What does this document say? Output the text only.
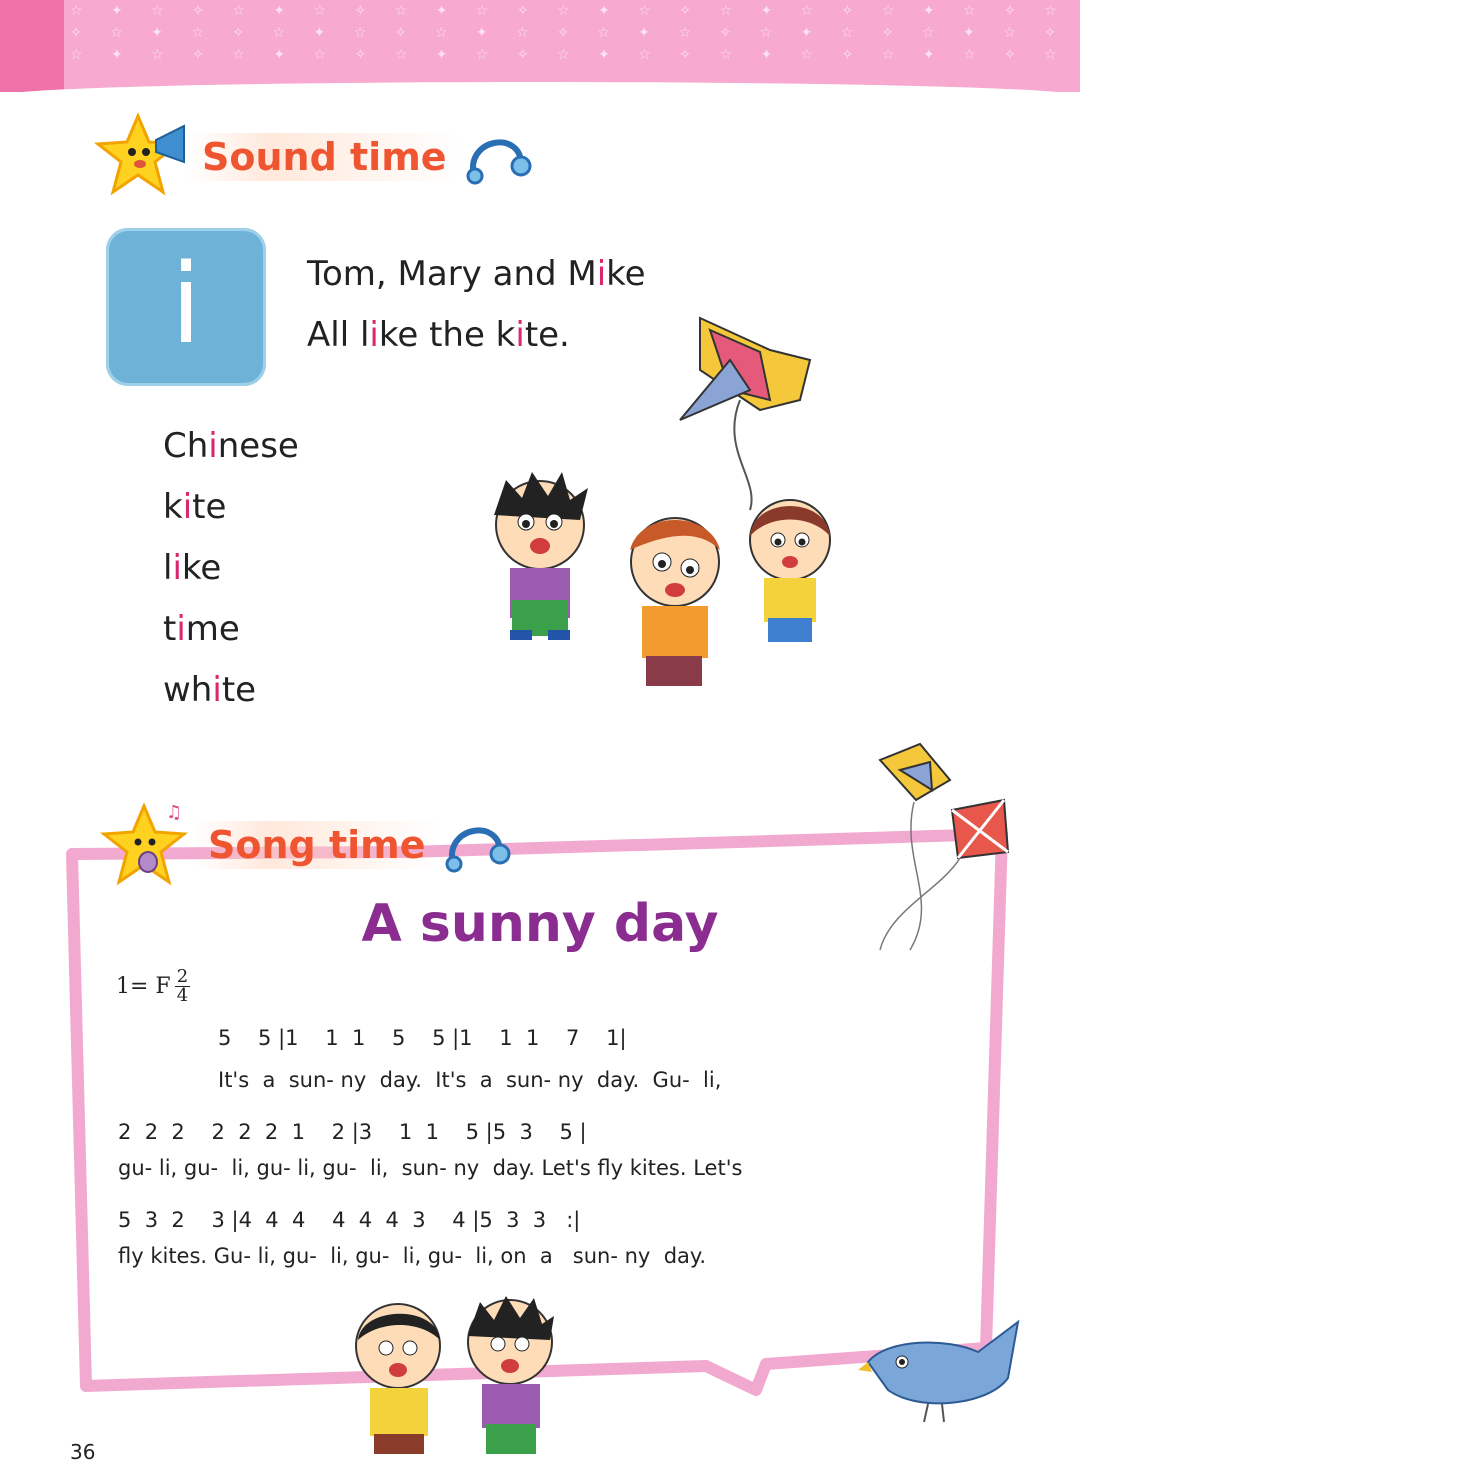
☆ ✦ ☆ ✧ ☆ ✦ ☆ ✧ ☆ ✦ ☆ ✧ ☆ ✦ ☆ ✧ ☆ ✦ ☆ ✧ ☆ ✦ ☆ ✧ ☆ ✦ ☆ ✧ ☆ ✦ ☆ ✧ ☆ ✦ ☆
✧ ☆ ✦ ☆ ✧ ☆ ✦ ☆ ✧ ☆ ✦ ☆ ✧ ☆ ✦ ☆ ✧ ☆ ✦ ☆ ✧ ☆ ✦ ☆ ✧ ☆ ✦ ☆ ✧ ☆ ✦ ☆ ✧ ☆ ✦
☆ ✦ ☆ ✧ ☆ ✦ ☆ ✧ ☆ ✦ ☆ ✧ ☆ ✦ ☆ ✧ ☆ ✦ ☆ ✧ ☆ ✦ ☆ ✧ ☆ ✦ ☆ ✧ ☆ ✦ ☆ ✧ ☆ ✦ ☆
Sound time
i	Tom, Mary and Mike
All like the kite.
Chinese
kite
like
time
white
♫
Song time
A sunny day
1= F $\frac{2}{4}$
5    5 |1    1  1    5    5 |1    1  1    7    1|
It's  a  sun- ny  day.  It's  a  sun- ny  day.  Gu-  li,
2  2  2    2  2  2  1    2 |3    1  1    5 |5  3    5 |
gu- li, gu-  li, gu- li, gu-  li,  sun- ny  day. Let's fly kites. Let's
5  3  2    3 |4  4  4    4  4  4  3    4 |5  3  3   :|
fly kites. Gu- li, gu-  li, gu-  li, gu-  li, on  a   sun- ny  day.
36
